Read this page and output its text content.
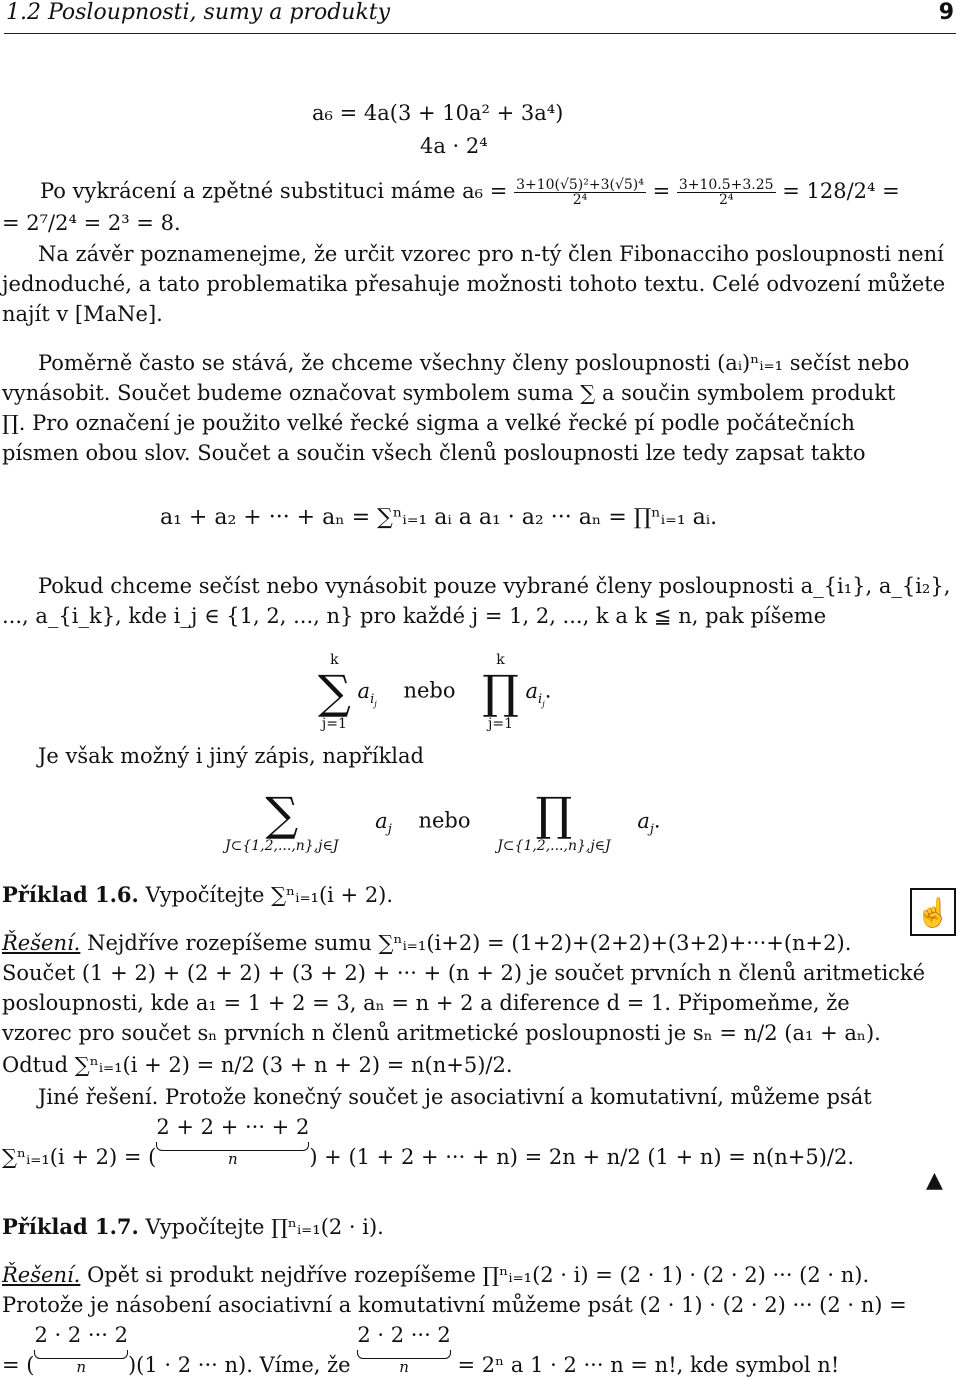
1.2 Posloupnosti, sumy a produkty	9
a₆ = 4a(3 + 10a² + 3a⁴)
4a · 2⁴
Po vykrácení a zpětné substituci máme $a_6 = \frac{\text{3+10(√5)²+3(√5)⁴}}{\text{2⁴}} = \frac{3+10.5+3.25}{\text{2⁴}} = 128/2^4$ =
= 2⁷/2⁴ = 2³ = 8.
Na závěr poznamenejme, že určit vzorec pro n-tý člen Fibonacciho posloupnosti není
jednoduché, a tato problematika přesahuje možnosti tohoto textu. Celé odvození můžete
najít v [MaNe].
Poměrně často se stává, že chceme všechny členy posloupnosti (aᵢ)ⁿᵢ₌₁ sečíst nebo
vynásobit. Součet budeme označovat symbolem suma ∑ a součin symbolem produkt
∏. Pro označení je použito velké řecké sigma a velké řecké pí podle počátečních
písmen obou slov. Součet a součin všech členů posloupnosti lze tedy zapsat takto
a₁ + a₂ + ··· + aₙ = ∑ⁿᵢ₌₁ aᵢ a a₁ · a₂ ··· aₙ = ∏ⁿᵢ₌₁ aᵢ.
Pokud chceme sečíst nebo vynásobit pouze vybrané členy posloupnosti a_{i₁}, a_{i₂},
..., a_{i_k}, kde i_j ∈ {1, 2, ..., n} pro každé j = 1, 2, ..., k a k ≦ n, pak píšeme
k
∑
j=1
$a_{i_j}$    nebo
k
∏
j=1
$a_{i_j}$.
Je však možný i jiný zápis, například
∑
J⊂{1,2,...,n},j∈J
$a_j$ nebo	∏
J⊂{1,2,...,n},j∈J
$a_j$.
Příklad 1.6. Vypočítejte ∑ⁿᵢ₌₁(i + 2).
☝
Řešení. Nejdříve rozepíšeme sumu ∑ⁿᵢ₌₁(i+2) = (1+2)+(2+2)+(3+2)+···+(n+2).
Součet (1 + 2) + (2 + 2) + (3 + 2) + ··· + (n + 2) je součet prvních n členů aritmetické
posloupnosti, kde a₁ = 1 + 2 = 3, aₙ = n + 2 a diference d = 1. Připomeňme, že
vzorec pro součet sₙ prvních n členů aritmetické posloupnosti je sₙ = n/2 (a₁ + aₙ).
Odtud ∑ⁿᵢ₌₁(i + 2) = n/2 (3 + n + 2) = n(n+5)/2.
Jiné řešení. Protože konečný součet je asociativní a komutativní, můžeme psát
∑ⁿᵢ₌₁(i + 2) = (2 + 2 + ··· + 2
n	) + (1 + 2 + ··· + n) = 2n + n/2 (1 + n) = n(n+5)/2.
▲
Příklad 1.7. Vypočítejte ∏ⁿᵢ₌₁(2 · i).
Řešení. Opět si produkt nejdříve rozepíšeme ∏ⁿᵢ₌₁(2 · i) = (2 · 1) · (2 · 2) ··· (2 · n).
Protože je násobení asociativní a komutativní můžeme psát (2 · 1) · (2 · 2) ··· (2 · n) =
= (2 · 2 ··· 2
n	)(1 · 2 ··· n). Víme, že 2 · 2 ··· 2
n	= 2ⁿ a 1 · 2 ··· n = n!, kde symbol n!
